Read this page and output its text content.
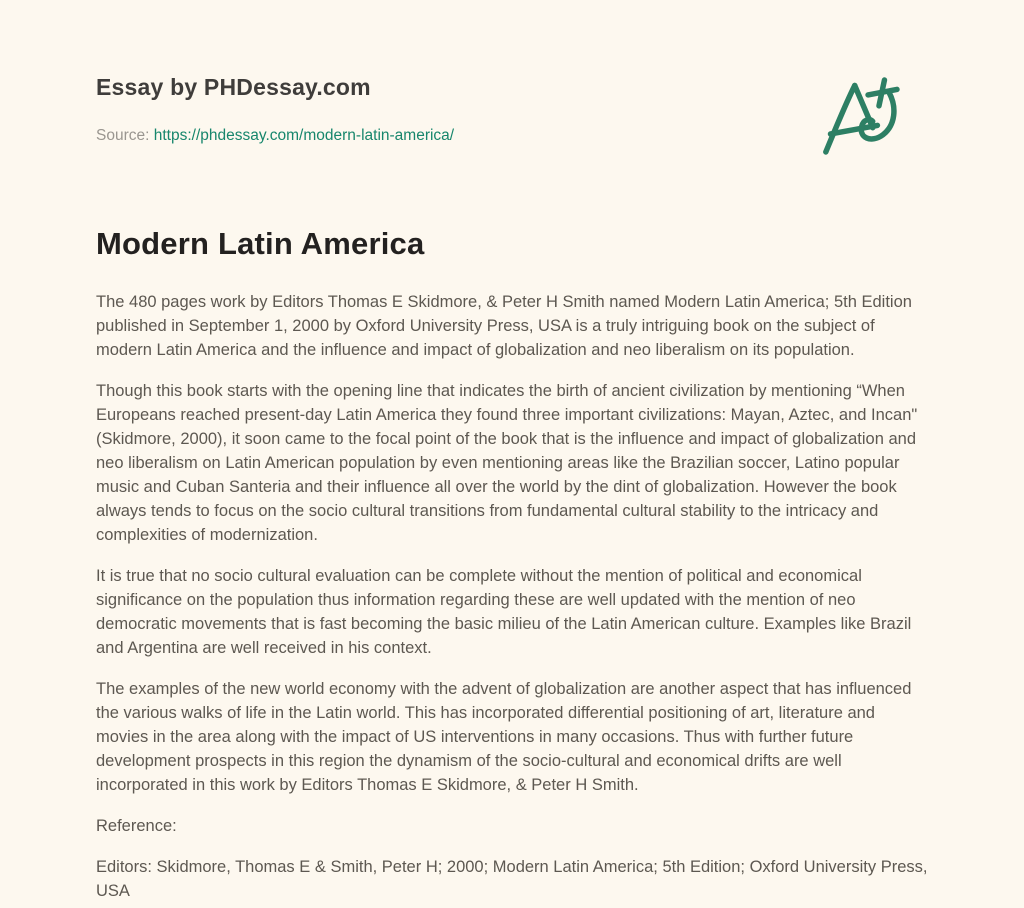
Essay by PHDessay.com
Source: https://phdessay.com/modern-latin-america/
Modern Latin America

The 480 pages work by Editors Thomas E Skidmore, & Peter H Smith named Modern Latin America; 5th Edition published in September 1, 2000 by Oxford University Press, USA is a truly intriguing book on the subject of modern Latin America and the influence and impact of globalization and neo liberalism on its population.

Though this book starts with the opening line that indicates the birth of ancient civilization by mentioning “When Europeans reached present-day Latin America they found three important civilizations: Mayan, Aztec, and Incan" (Skidmore, 2000), it soon came to the focal point of the book that is the influence and impact of globalization and neo liberalism on Latin American population by even mentioning areas like the Brazilian soccer, Latino popular music and Cuban Santeria and their influence all over the world by the dint of globalization. However the book always tends to focus on the socio cultural transitions from fundamental cultural stability to the intricacy and complexities of modernization.

It is true that no socio cultural evaluation can be complete without the mention of political and economical significance on the population thus information regarding these are well updated with the mention of neo democratic movements that is fast becoming the basic milieu of the Latin American culture. Examples like Brazil and Argentina are well received in his context.

The examples of the new world economy with the advent of globalization are another aspect that has influenced the various walks of life in the Latin world. This has incorporated differential positioning of art, literature and movies in the area along with the impact of US interventions in many occasions. Thus with further future development prospects in this region the dynamism of the socio-cultural and economical drifts are well incorporated in this work by Editors Thomas E Skidmore, & Peter H Smith.

Reference:

Editors: Skidmore, Thomas E & Smith, Peter H; 2000; Modern Latin America; 5th Edition; Oxford University Press, USA
